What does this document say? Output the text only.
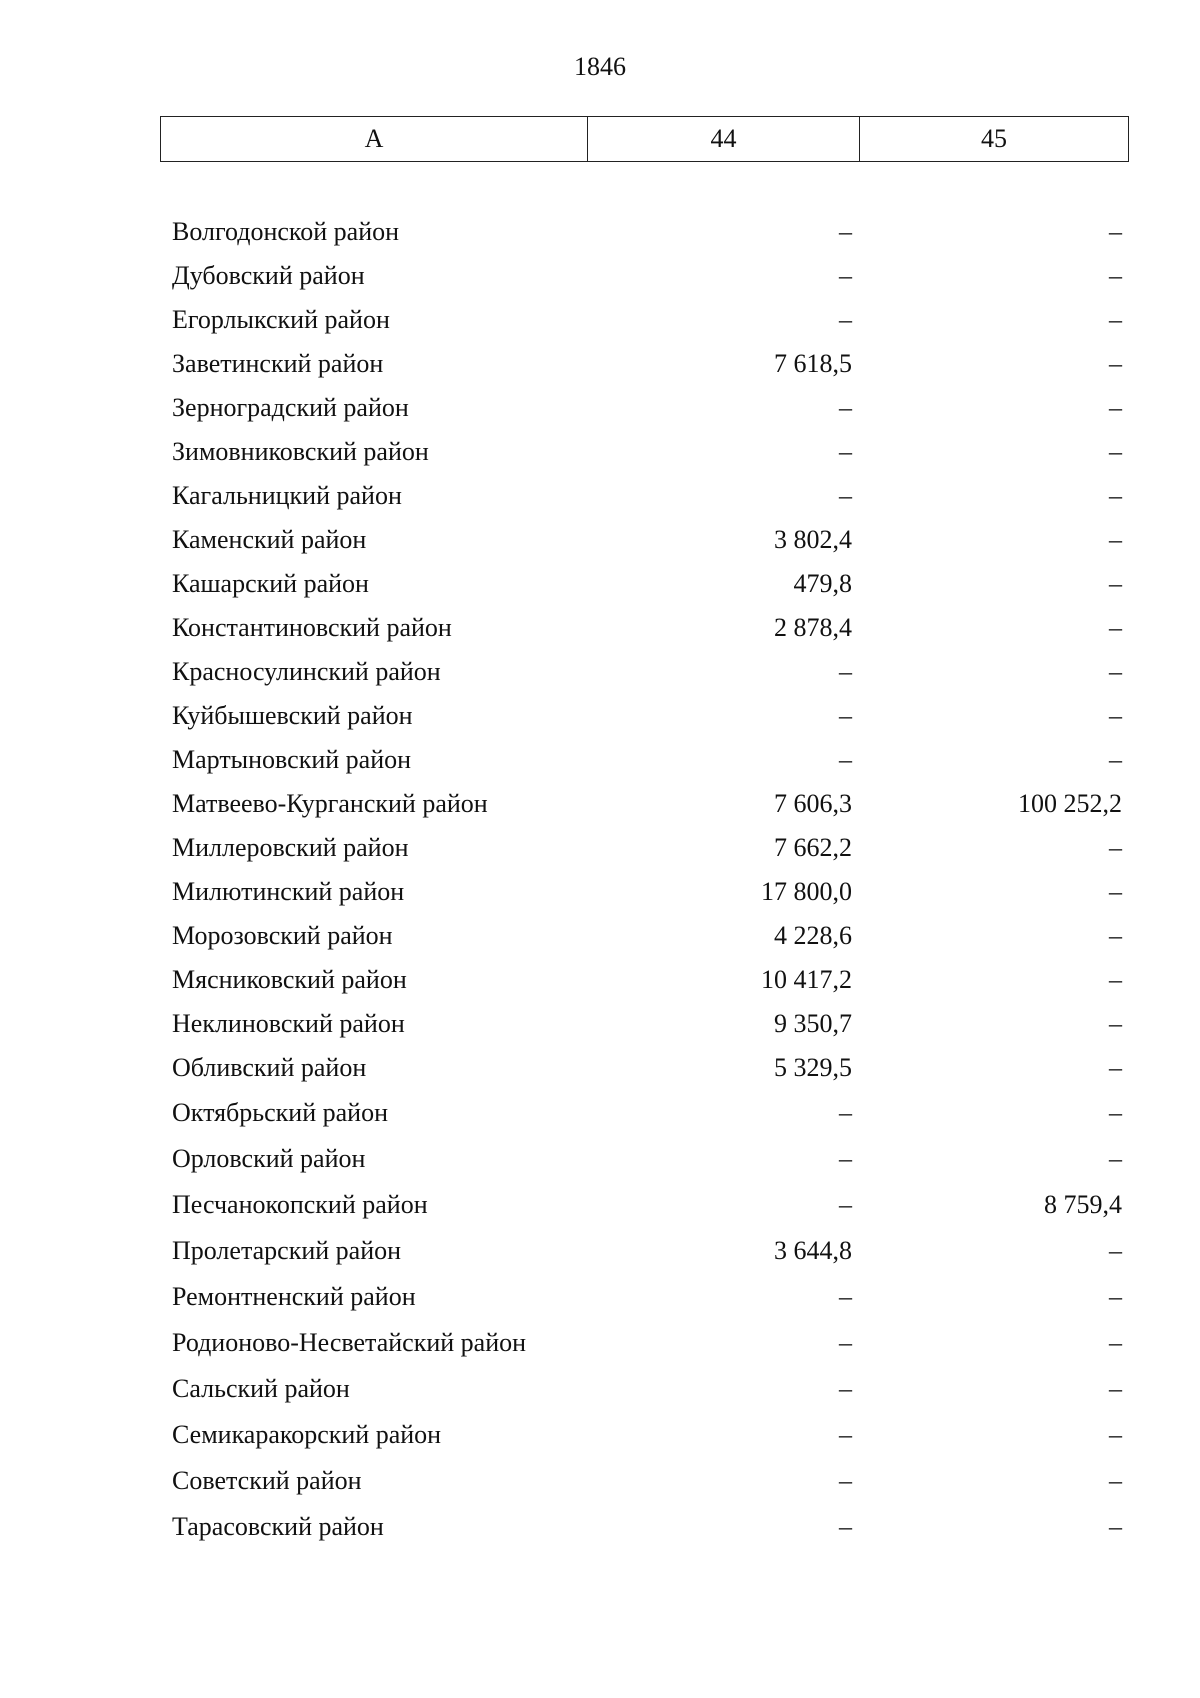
1846
А	44	45
Волгодонской район	–	–
Дубовский район	–	–
Егорлыкский район	–	–
Заветинский район	7 618,5	–
Зерноградский район	–	–
Зимовниковский район	–	–
Кагальницкий район	–	–
Каменский район	3 802,4	–
Кашарский район	479,8	–
Константиновский район	2 878,4	–
Красносулинский район	–	–
Куйбышевский район	–	–
Мартыновский район	–	–
Матвеево-Курганский район	7 606,3	100 252,2
Миллеровский район	7 662,2	–
Милютинский район	17 800,0	–
Морозовский район	4 228,6	–
Мясниковский район	10 417,2	–
Неклиновский район	9 350,7	–
Обливский район	5 329,5	–
Октябрьский район	–	–
Орловский район	–	–
Песчанокопский район	–	8 759,4
Пролетарский район	3 644,8	–
Ремонтненский район	–	–
Родионово-Несветайский район	–	–
Сальский район	–	–
Семикаракорский район	–	–
Советский район	–	–
Тарасовский район	–	–
